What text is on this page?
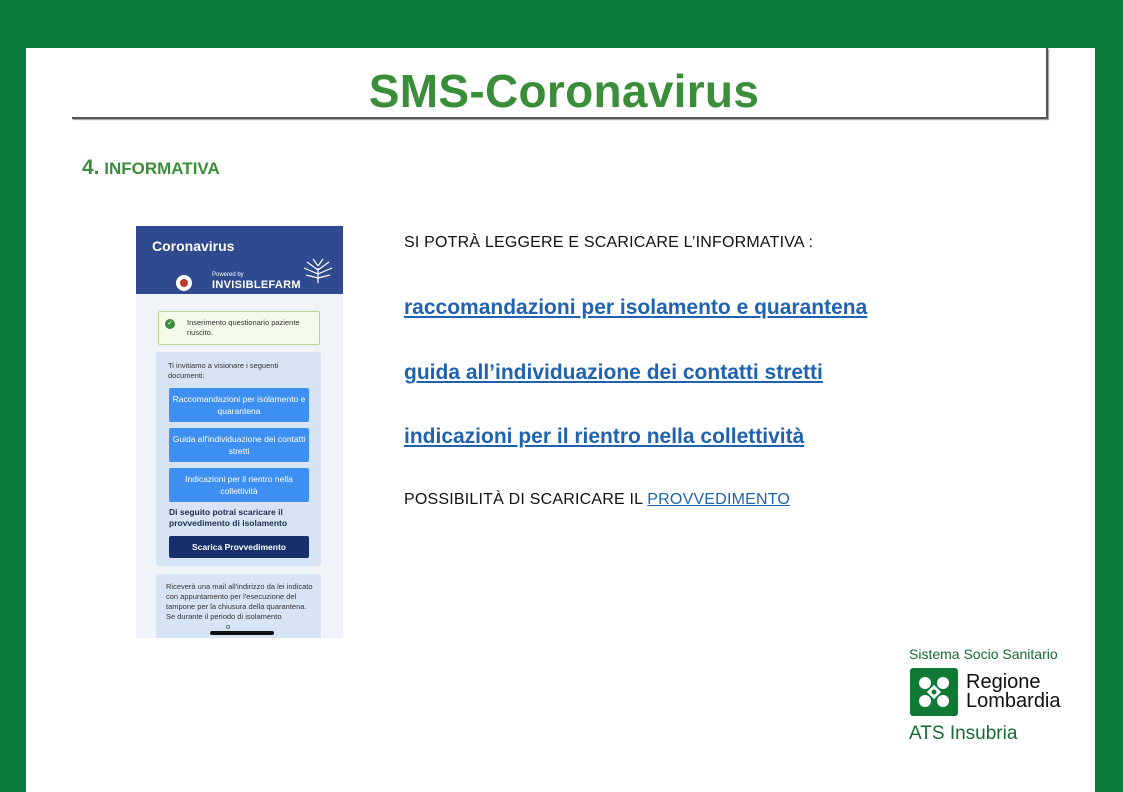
SMS-Coronavirus
4. INFORMATIVA
Coronavirus
Powered by
INVISIBLEFARM
✓ Inserimento questionario paziente riuscito.
Ti invitiamo a visionare i seguenti documenti:
Raccomandazioni per isolamento e quarantena
Guida all'individuazione dei contatti stretti
Indicazioni per il rientro nella collettività
Di seguito potrai scaricare il provvedimento di isolamento
Scarica Provvedimento
Riceverà una mail all'indirizzo da lei indicato con appuntamento per l'esecuzione del tampone per la chiusura della quarantena. Se durante il periodo di isolamento o
SI POTRÀ LEGGERE E SCARICARE L’INFORMATIVA :
raccomandazioni per isolamento e quarantena
guida all’individuazione dei contatti stretti
indicazioni per il rientro nella collettività
POSSIBILITÀ DI SCARICARE IL PROVVEDIMENTO
Sistema Socio Sanitario
Regione
Lombardia
ATS Insubria
